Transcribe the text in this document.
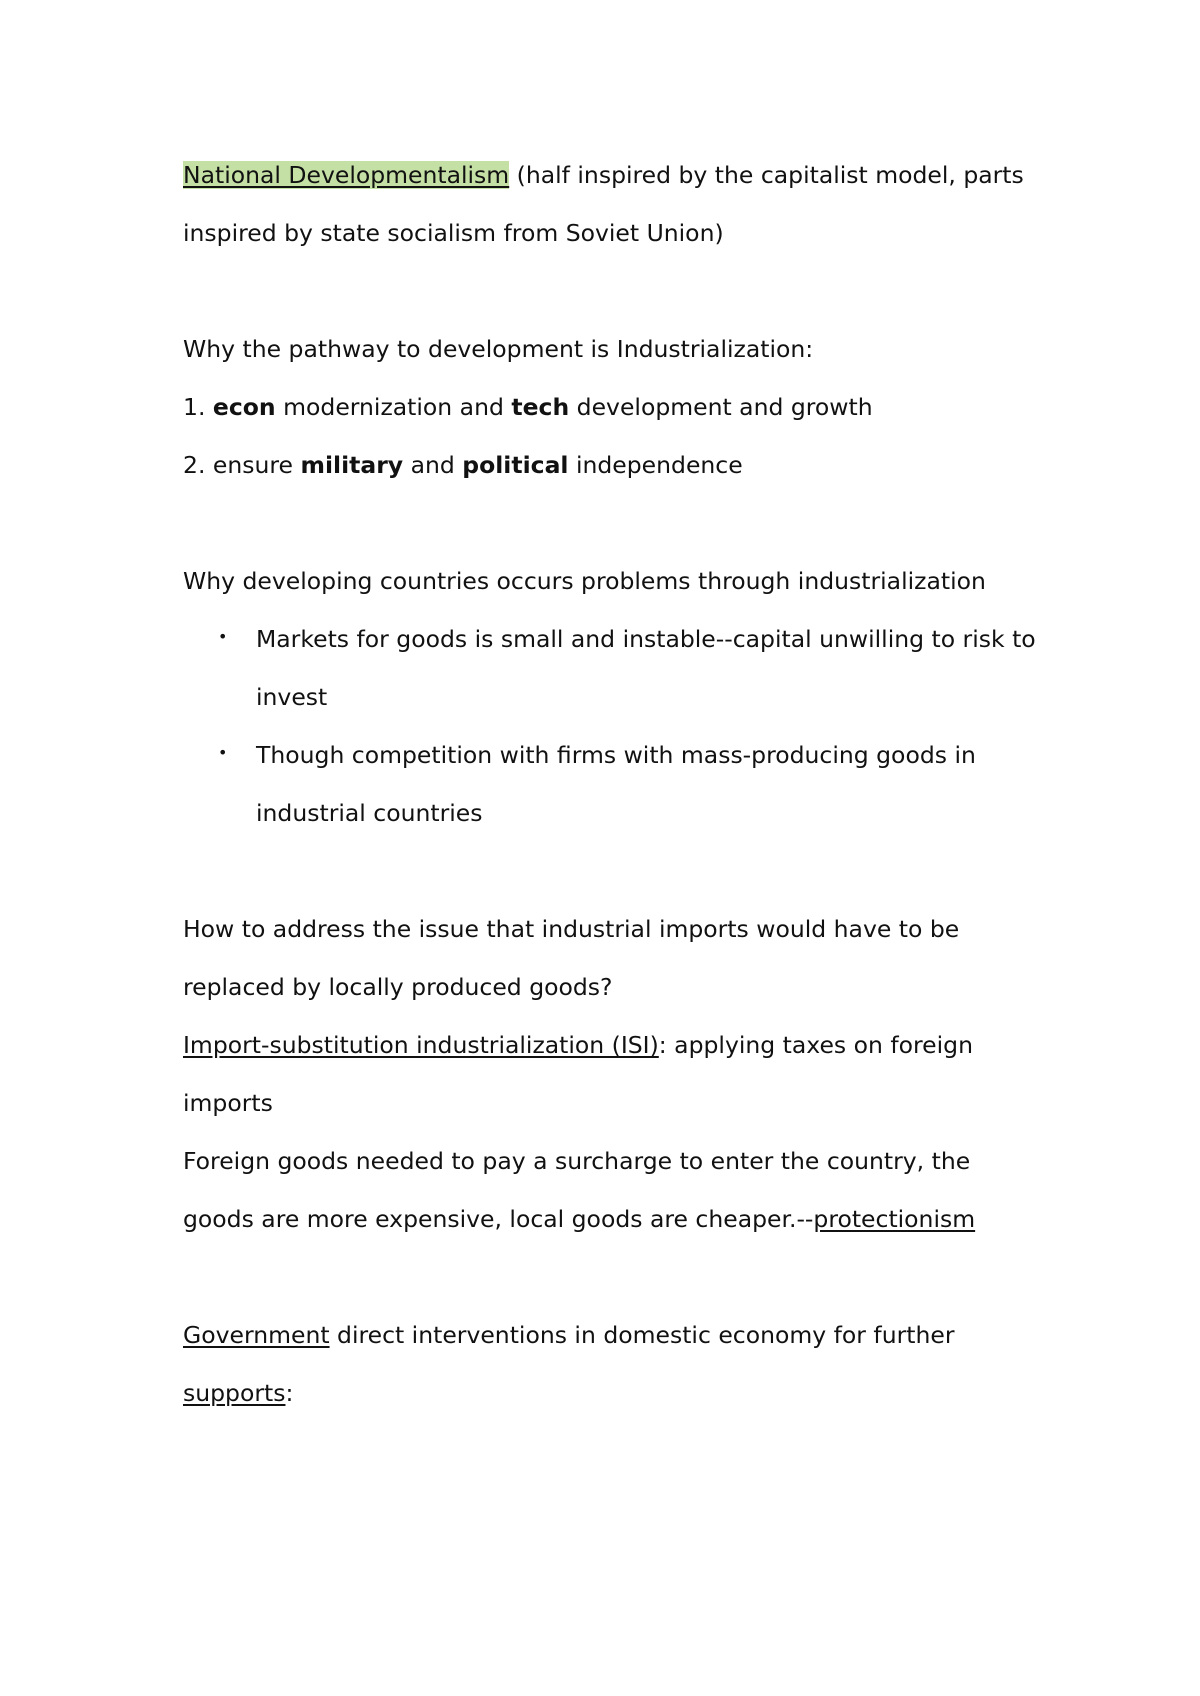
National Developmentalism (half inspired by the capitalist model, parts
inspired by state socialism from Soviet Union)
Why the pathway to development is Industrialization:
1. econ modernization and tech development and growth
2. ensure military and political independence
Why developing countries occurs problems through industrialization
• Markets for goods is small and instable--capital unwilling to risk to
invest
• Though competition with firms with mass-producing goods in
industrial countries
How to address the issue that industrial imports would have to be
replaced by locally produced goods?
Import-substitution industrialization (ISI): applying taxes on foreign
imports
Foreign goods needed to pay a surcharge to enter the country, the
goods are more expensive, local goods are cheaper.--protectionism
Government direct interventions in domestic economy for further
supports:
